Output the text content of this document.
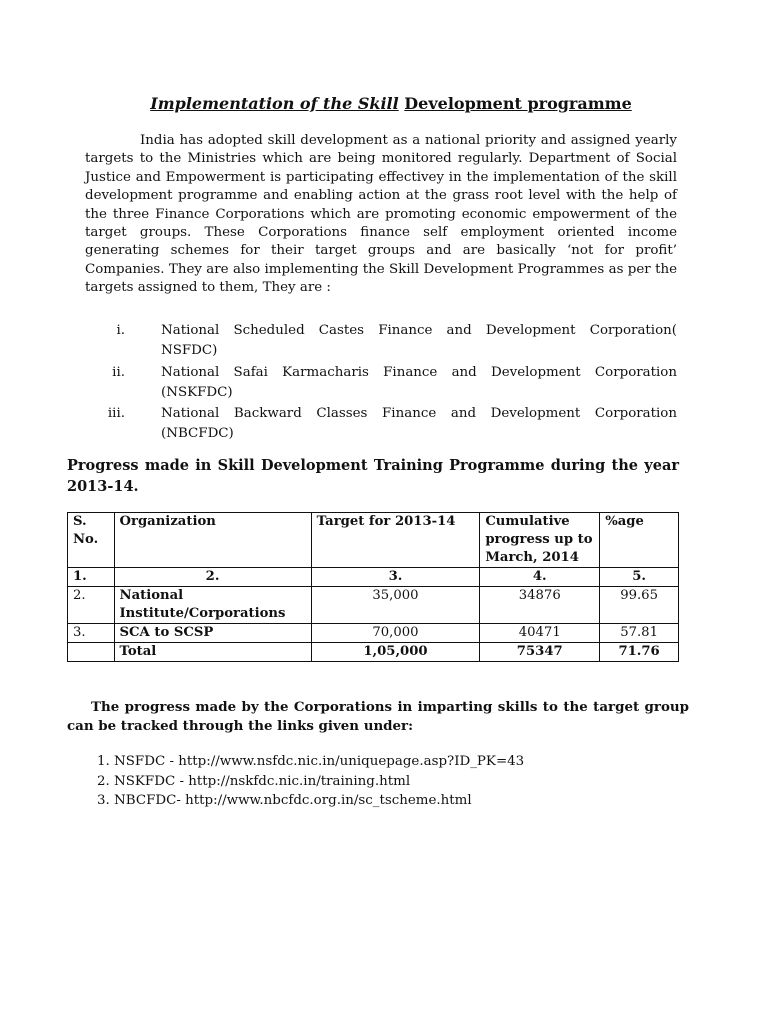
Implementation of the Skill Development programme

India has adopted skill development as a national priority and assigned yearly targets to the Ministries which are being monitored regularly. Department of Social Justice and Empowerment is participating effectivey in the implementation of the skill development programme and enabling action at the grass root level with the help of the three Finance Corporations which are promoting economic empowerment of the target groups. These Corporations finance self employment oriented income generating schemes for their target groups and are basically ‘not for profit’ Companies. They are also implementing the Skill Development Programmes as per the targets assigned to them, They are :

i.	National Scheduled Castes Finance and Development Corporation( NSFDC)
ii.	National Safai Karmacharis Finance and Development Corporation (NSKFDC)
iii.	National Backward Classes Finance and Development Corporation (NBCFDC)

Progress made in Skill Development Training Programme during the year 2013-14.

S. No.	Organization	Target for 2013-14	Cumulative progress up to March, 2014	%age
1.	2.	3.	4.	5.
2.	National Institute/Corporations	35,000	34876	99.65
3.	SCA to SCSP	70,000	40471	57.81
	Total	1,05,000	75347	71.76

The progress made by the Corporations in imparting skills to the target group can be tracked through the links given under:

1. NSFDC - http://www.nsfdc.nic.in/uniquepage.asp?ID_PK=43
2. NSKFDC - http://nskfdc.nic.in/training.html
3. NBCFDC- http://www.nbcfdc.org.in/sc_tscheme.html
